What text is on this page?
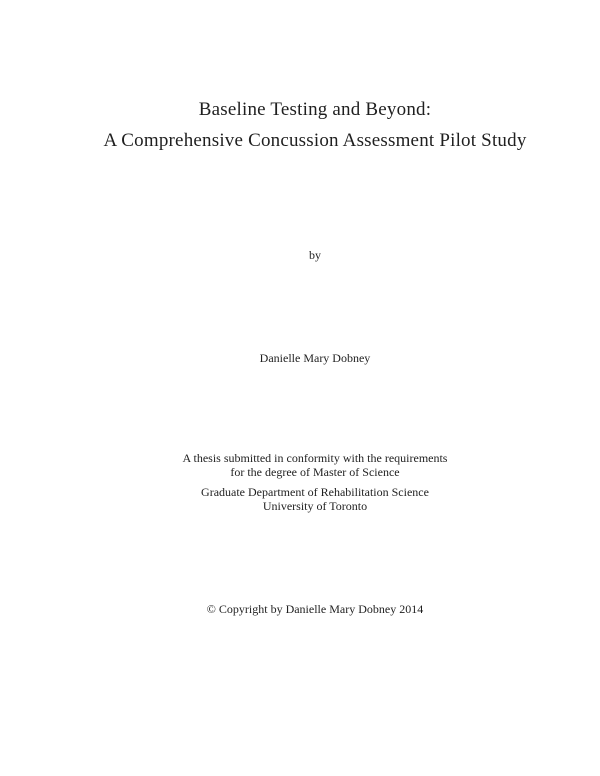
Baseline Testing and Beyond:
A Comprehensive Concussion Assessment Pilot Study
by
Danielle Mary Dobney
A thesis submitted in conformity with the requirements
for the degree of Master of Science
Graduate Department of Rehabilitation Science
University of Toronto
© Copyright by Danielle Mary Dobney 2014
